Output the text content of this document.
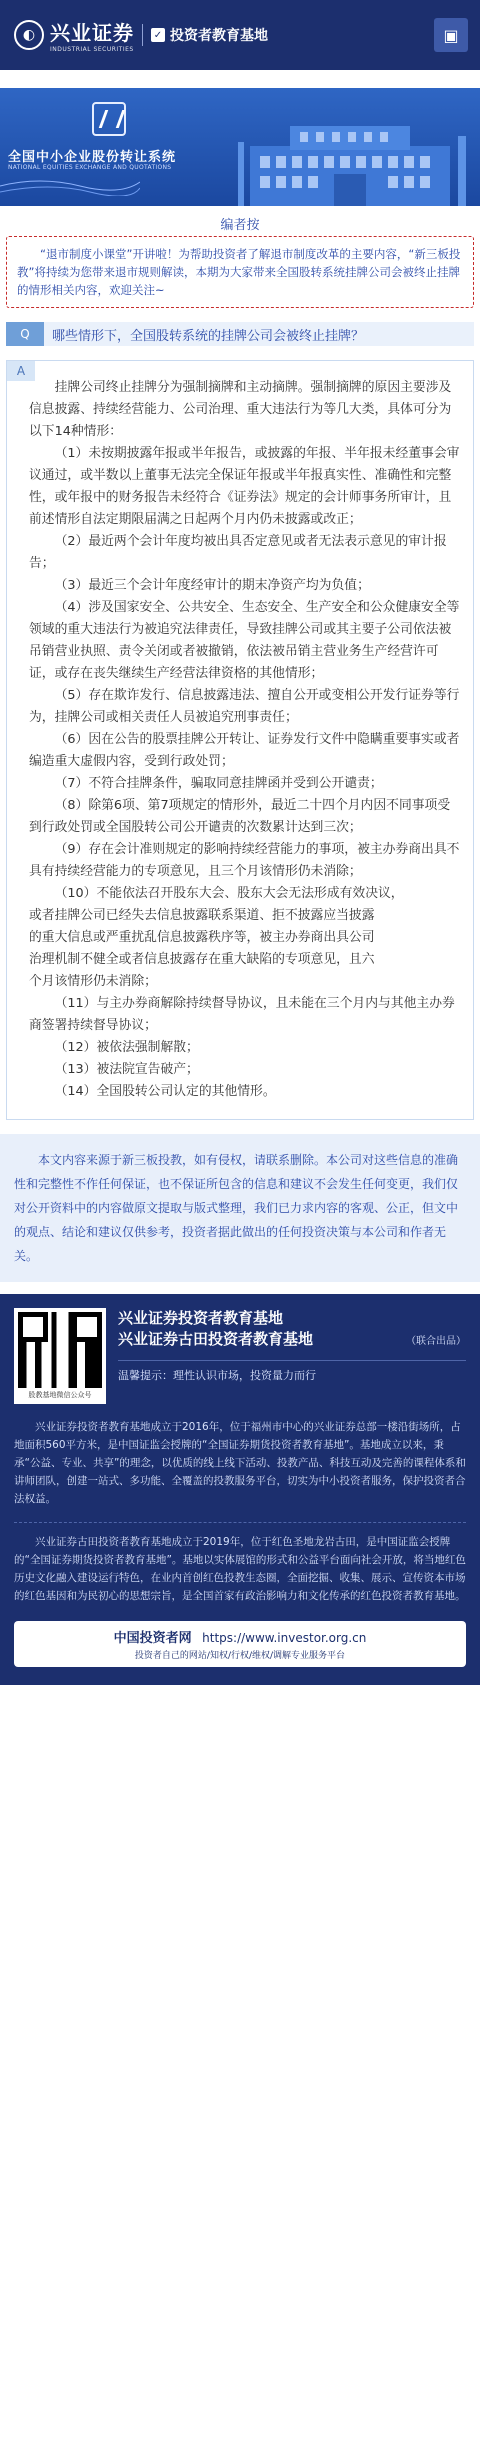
◐ 兴业证券
INDUSTRIAL SECURITIES
✓ 投资者教育基地	▣
全国中小企业股份转让系统
NATIONAL EQUITIES EXCHANGE AND QUOTATIONS
编者按
“退市制度小课堂”开讲啦！为帮助投资者了解退市制度改革的主要内容，“新三板投教”将持续为您带来退市规则解读，本期为大家带来全国股转系统挂牌公司会被终止挂牌的情形相关内容，欢迎关注~
Q	哪些情形下，全国股转系统的挂牌公司会被终止挂牌？
A

挂牌公司终止挂牌分为强制摘牌和主动摘牌。强制摘牌的原因主要涉及信息披露、持续经营能力、公司治理、重大违法行为等几大类，具体可分为以下14种情形：

（1）未按期披露年报或半年报告，或披露的年报、半年报未经董事会审议通过，或半数以上董事无法完全保证年报或半年报真实性、准确性和完整性，或年报中的财务报告未经符合《证券法》规定的会计师事务所审计，且前述情形自法定期限届满之日起两个月内仍未披露或改正；

（2）最近两个会计年度均被出具否定意见或者无法表示意见的审计报告；

（3）最近三个会计年度经审计的期末净资产均为负值；

（4）涉及国家安全、公共安全、生态安全、生产安全和公众健康安全等领域的重大违法行为被追究法律责任，导致挂牌公司或其主要子公司依法被吊销营业执照、责令关闭或者被撤销，依法被吊销主营业务生产经营许可证，或存在丧失继续生产经营法律资格的其他情形；

（5）存在欺诈发行、信息披露违法、擅自公开或变相公开发行证券等行为，挂牌公司或相关责任人员被追究刑事责任；

（6）因在公告的股票挂牌公开转让、证券发行文件中隐瞒重要事实或者编造重大虚假内容，受到行政处罚；

（7）不符合挂牌条件，骗取同意挂牌函并受到公开谴责；

（8）除第6项、第7项规定的情形外，最近二十四个月内因不同事项受到行政处罚或全国股转公司公开谴责的次数累计达到三次；

（9）存在会计准则规定的影响持续经营能力的事项，被主办券商出具不具有持续经营能力的专项意见，且三个月该情形仍未消除；

（10）不能依法召开股东大会、股东大会无法形成有效决议，

或者挂牌公司已经失去信息披露联系渠道、拒不披露应当披露

的重大信息或严重扰乱信息披露秩序等，被主办券商出具公司

治理机制不健全或者信息披露存在重大缺陷的专项意见，且六

个月该情形仍未消除；

（11）与主办券商解除持续督导协议，且未能在三个月内与其他主办券商签署持续督导协议；

（12）被依法强制解散；

（13）被法院宣告破产；

（14）全国股转公司认定的其他情形。

本文内容来源于新三板投教，如有侵权，请联系删除。本公司对这些信息的准确性和完整性不作任何保证，也不保证所包含的信息和建议不会发生任何变更，我们仅对公开资料中的内容做原文提取与版式整理，我们已力求内容的客观、公正，但文中的观点、结论和建议仅供参考，投资者据此做出的任何投资决策与本公司和作者无关。
股教基地微信公众号
兴业证券投资者教育基地
兴业证券古田投资者教育基地	（联合出品）
温馨提示：理性认识市场，投资量力而行
兴业证券投资者教育基地成立于2016年，位于福州市中心的兴业证券总部一楼沿街场所，占地面积560平方米，是中国证监会授牌的“全国证券期货投资者教育基地”。基地成立以来，秉承“公益、专业、共享”的理念，以优质的线上线下活动、投教产品、科技互动及完善的课程体系和讲师团队，创建一站式、多功能、全覆盖的投教服务平台，切实为中小投资者服务，保护投资者合法权益。
兴业证券古田投资者教育基地成立于2019年，位于红色圣地龙岩古田，是中国证监会授牌的“全国证券期货投资者教育基地”。基地以实体展馆的形式和公益平台面向社会开放，将当地红色历史文化融入建设运行特色，在业内首创红色投教生态圈，全面挖掘、收集、展示、宣传资本市场的红色基因和为民初心的思想宗旨，是全国首家有政治影响力和文化传承的红色投资者教育基地。
中国投资者网 https://www.investor.org.cn
投资者自己的网站/知权/行权/维权/调解专业服务平台
